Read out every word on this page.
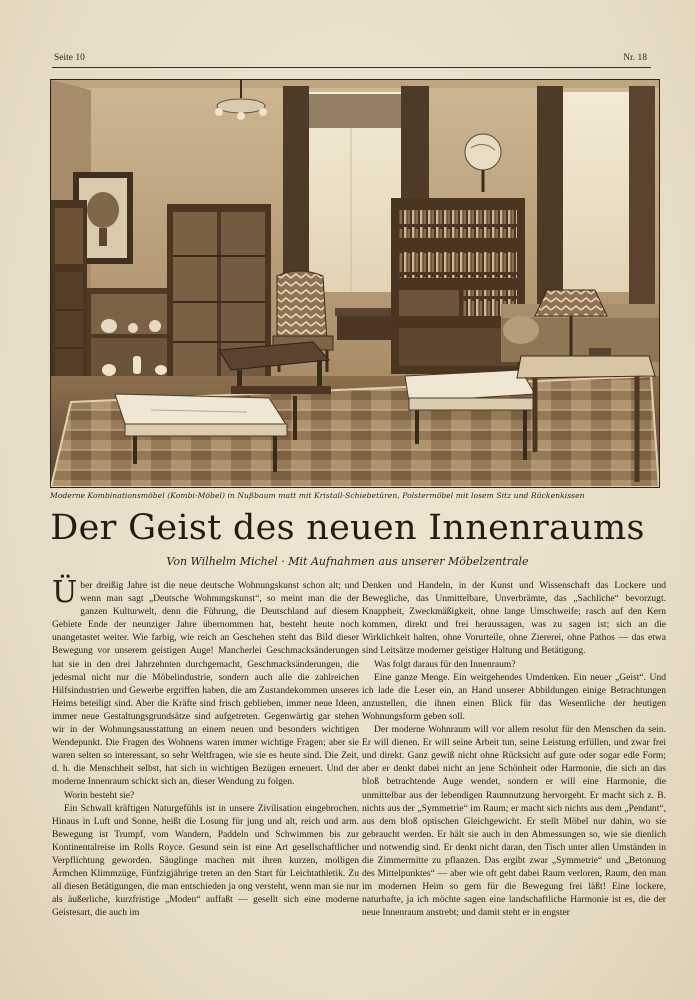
Seite 10	Nr. 18
Moderne Kombinationsmöbel (Kombi-Möbel) in Nußbaum matt mit Kristall-Schiebetüren, Polstermöbel mit losem Sitz und Rückenkissen
Der Geist des neuen Innenraums
Von Wilhelm Michel · Mit Aufnahmen aus unserer Möbelzentrale

Über dreißig Jahre ist die neue deutsche Wohnungskunst schon alt; und wenn man sagt „Deutsche Wohnungskunst“, so meint man die der ganzen Kulturwelt, denn die Führung, die Deutschland auf diesem Gebiete Ende der neunziger Jahre übernommen hat, besteht heute noch unangetastet weiter. Wie farbig, wie reich an Geschehen steht das Bild dieser Bewegung vor unserem geistigen Auge! Mancherlei Geschmacksänderungen hat sie in den drei Jahrzehnten durchgemacht, Geschmacksänderungen, die jedesmal nicht nur die Möbelindustrie, sondern auch alle die zahlreichen Hilfsindustrien und Gewerbe ergriffen haben, die am Zustandekommen unseres Heims beteiligt sind. Aber die Kräfte sind frisch geblieben, immer neue Ideen, immer neue Gestaltungsgrundsätze sind aufgetreten. Gegenwärtig gar stehen wir in der Wohnungsausstattung an einem neuen und besonders wichtigen Wendepunkt. Die Fragen des Wohnens waren immer wichtige Fragen; aber sie waren selten so interessant, so sehr Weltfragen, wie sie es heute sind. Die Zeit, d. h. die Menschheit selbst, hat sich in wichtigen Bezügen erneuert. Und der moderne Innenraum schickt sich an, dieser Wendung zu folgen.

Worin besteht sie?

Ein Schwall kräftigen Naturgefühls ist in unsere Zivilisation eingebrochen. Hinaus in Luft und Sonne, heißt die Losung für jung und alt, reich und arm. Bewegung ist Trumpf, vom Wandern, Paddeln und Schwimmen bis zur Kontinentalreise im Rolls Royce. Gesund sein ist eine Art gesellschaftlicher Verpflichtung geworden. Säuglinge machen mit ihren kurzen, molligen Ärmchen Klimmzüge, Fünfzigjährige treten an den Start für Leichtathletik. Zu all diesen Betätigungen, die man entschieden ja ong versteht, wenn man sie nur als äußerliche, kurzfristige „Moden“ auffaßt — gesellt sich eine moderne Geistesart, die auch im

Denken und Handeln, in der Kunst und Wissenschaft das Lockere und Bewegliche, das Unmittelbare, Unverbrämte, das „Sachliche“ bevorzugt. Knappheit, Zweckmäßigkeit, ohne lange Umschweife; rasch auf den Kern kommen, direkt und frei heraussagen, was zu sagen ist; sich an die Wirklichkeit halten, ohne Vorurteile, ohne Ziererei, ohne Pathos — das etwa sind Leitsätze moderner geistiger Haltung und Betätigung.

Was folgt daraus für den Innenraum?

Eine ganze Menge. Ein weitgehendes Umdenken. Ein neuer „Geist“. Und ich lade die Leser ein, an Hand unserer Abbildungen einige Betrachtungen anzustellen, die ihnen einen Blick für das Wesentliche der heutigen Wohnungsform geben soll.

Der moderne Wohnraum will vor allem resolut für den Menschen da sein. Er will dienen. Er will seine Arbeit tun, seine Leistung erfüllen, und zwar frei und direkt. Ganz gewiß nicht ohne Rücksicht auf gute oder sogar edle Form; aber er denkt dabei nicht an jene Schönheit oder Harmonie, die sich an das bloß betrachtende Auge wendet, sondern er will eine Harmonie, die unmittelbar aus der lebendigen Raumnutzung hervorgeht. Er macht sich z. B. nichts aus der „Symmetrie“ im Raum; er macht sich nichts aus dem „Pendant“, aus dem bloß optischen Gleichgewicht. Er stellt Möbel nur dahin, wo sie gebraucht werden. Er hält sie auch in den Abmessungen so, wie sie dienlich und notwendig sind. Er denkt nicht daran, den Tisch unter allen Umständen in die Zimmermitte zu pflanzen. Das ergibt zwar „Symmetrie“ und „Betonung des Mittelpunktes“ — aber wie oft geht dabei Raum verloren, Raum, den man im modernen Heim so gern für die Bewegung frei läßt! Eine lockere, naturhafte, ja ich möchte sagen eine landschaftliche Harmonie ist es, die der neue Innenraum anstrebt; und damit steht er in engster
